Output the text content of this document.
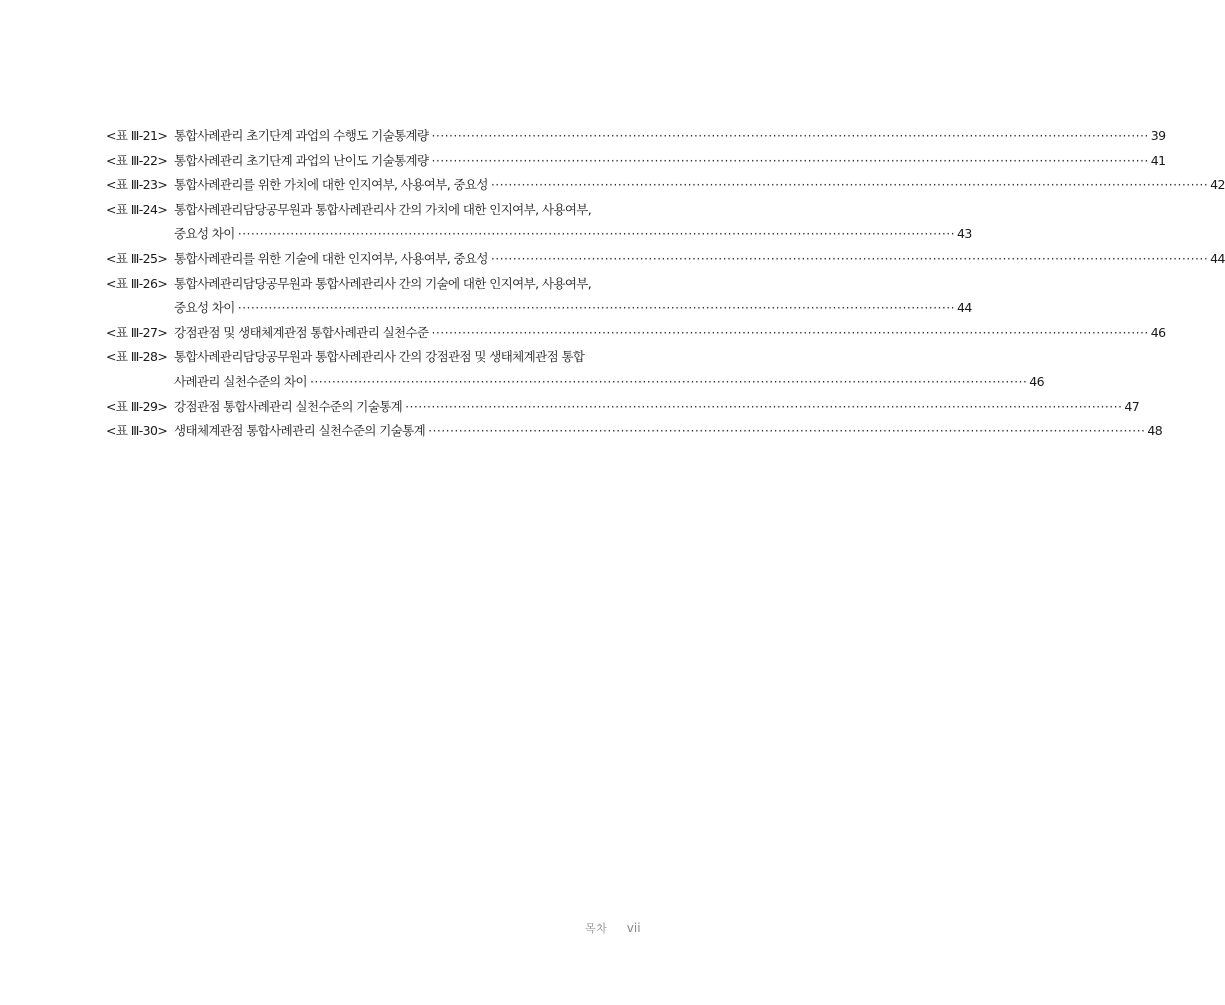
<표 Ⅲ-21> 통합사례관리 초기단계 과업의 수행도 기술통계량 ·····	39
<표 Ⅲ-22> 통합사례관리 초기단계 과업의 난이도 기술통계량 ·····	41
<표 Ⅲ-23> 통합사례관리를 위한 가치에 대한 인지여부, 사용여부, 중요성 ·····	42
<표 Ⅲ-24> 통합사례관리담당공무원과 통합사례관리사 간의 가치에 대한 인지여부, 사용여부,
중요성 차이 ·····	43
<표 Ⅲ-25> 통합사례관리를 위한 기술에 대한 인지여부, 사용여부, 중요성 ·····	44
<표 Ⅲ-26> 통합사례관리담당공무원과 통합사례관리사 간의 기술에 대한 인지여부, 사용여부,
중요성 차이 ·····	44
<표 Ⅲ-27> 강점관점 및 생태체계관점 통합사례관리 실천수준 ·····	46
<표 Ⅲ-28> 통합사례관리담당공무원과 통합사례관리사 간의 강점관점 및 생태체계관점 통합
사례관리 실천수준의 차이 ·····	46
<표 Ⅲ-29> 강점관점 통합사례관리 실천수준의 기술통계 ·····	47
<표 Ⅲ-30> 생태체계관점 통합사례관리 실천수준의 기술통계 ·····	48
목차 vii
